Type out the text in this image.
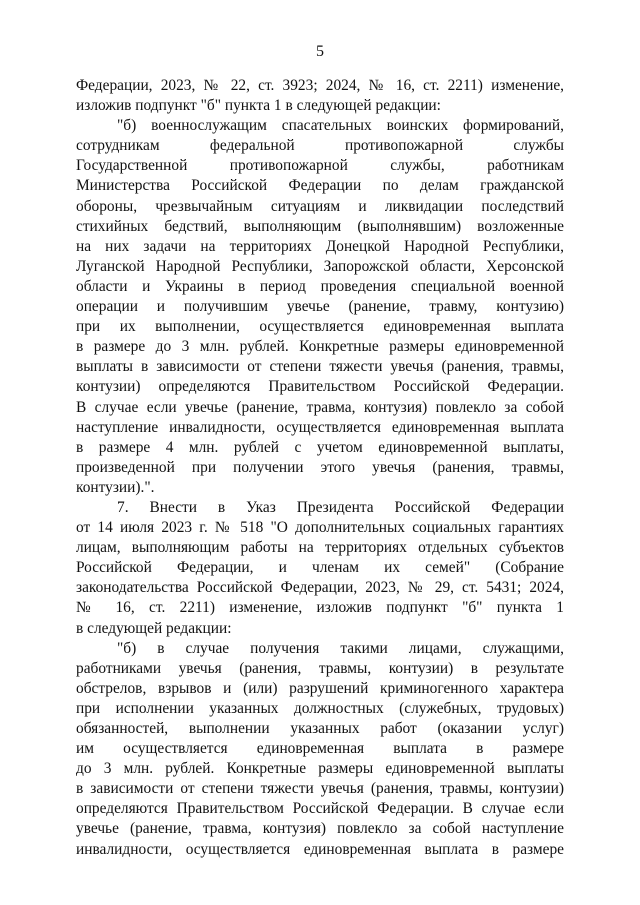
5
Федерации, 2023, № 22, ст. 3923; 2024, № 16, ст. 2211) изменение,
изложив подпункт "б" пункта 1 в следующей редакции:
"б) военнослужащим спасательных воинских формирований,
сотрудникам федеральной противопожарной службы
Государственной противопожарной службы, работникам
Министерства Российской Федерации по делам гражданской
обороны, чрезвычайным ситуациям и ликвидации последствий
стихийных бедствий, выполняющим (выполнявшим) возложенные
на них задачи на территориях Донецкой Народной Республики,
Луганской Народной Республики, Запорожской области, Херсонской
области и Украины в период проведения специальной военной
операции и получившим увечье (ранение, травму, контузию)
при их выполнении, осуществляется единовременная выплата
в размере до 3 млн. рублей. Конкретные размеры единовременной
выплаты в зависимости от степени тяжести увечья (ранения, травмы,
контузии) определяются Правительством Российской Федерации.
В случае если увечье (ранение, травма, контузия) повлекло за собой
наступление инвалидности, осуществляется единовременная выплата
в размере 4 млн. рублей с учетом единовременной выплаты,
произведенной при получении этого увечья (ранения, травмы,
контузии).".
7. Внести в Указ Президента Российской Федерации
от 14 июля 2023 г. № 518 "О дополнительных социальных гарантиях
лицам, выполняющим работы на территориях отдельных субъектов
Российской Федерации, и членам их семей" (Собрание
законодательства Российской Федерации, 2023, № 29, ст. 5431; 2024,
№ 16, ст. 2211) изменение, изложив подпункт "б" пункта 1
в следующей редакции:
"б) в случае получения такими лицами, служащими,
работниками увечья (ранения, травмы, контузии) в результате
обстрелов, взрывов и (или) разрушений криминогенного характера
при исполнении указанных должностных (служебных, трудовых)
обязанностей, выполнении указанных работ (оказании услуг)
им осуществляется единовременная выплата в размере
до 3 млн. рублей. Конкретные размеры единовременной выплаты
в зависимости от степени тяжести увечья (ранения, травмы, контузии)
определяются Правительством Российской Федерации. В случае если
увечье (ранение, травма, контузия) повлекло за собой наступление
инвалидности, осуществляется единовременная выплата в размере
